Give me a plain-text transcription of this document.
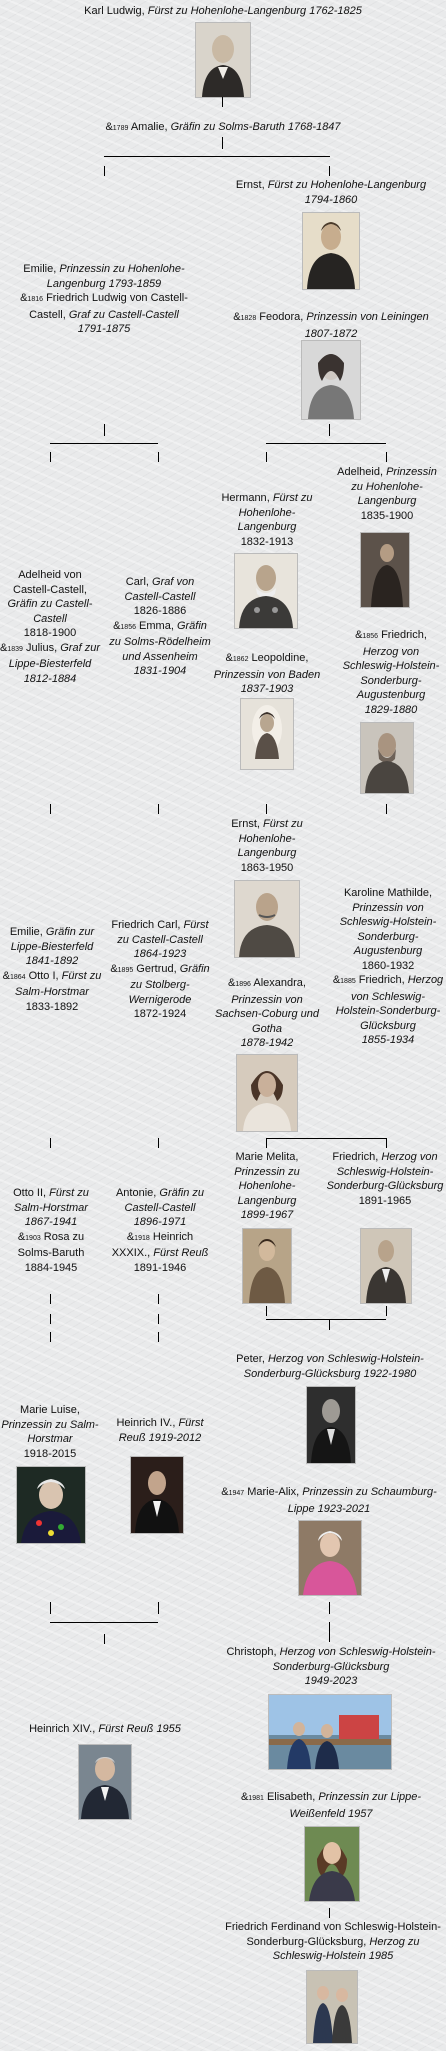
Karl Ludwig, Fürst zu Hohenlohe-Langenburg 1762-1825
&1789 Amalie, Gräfin zu Solms-Baruth 1768-1847
Ernst, Fürst zu Hohenlohe-Langenburg
1794-1860
Emilie, Prinzessin zu Hohenlohe-Langenburg 1793-1859
&1816 Friedrich Ludwig von Castell-Castell, Graf zu Castell-Castell
1791-1875
&1828 Feodora, Prinzessin von Leiningen
1807-1872
Adelheid, Prinzessin zu Hohenlohe-Langenburg
1835-1900
Hermann, Fürst zu Hohenlohe-Langenburg
1832-1913
Adelheid von Castell-Castell, Gräfin zu Castell-Castell
1818-1900
&1839 Julius, Graf zur Lippe-Biesterfeld
1812-1884
Carl, Graf von Castell-Castell
1826-1886
&1856 Emma, Gräfin zu Solms-Rödelheim und Assenheim
1831-1904
&1856 Friedrich, Herzog von Schleswig-Holstein-Sonderburg-Augustenburg
1829-1880
&1862 Leopoldine, Prinzessin von Baden 1837-1903
Ernst, Fürst zu Hohenlohe-Langenburg
1863-1950
Karoline Mathilde, Prinzessin von Schleswig-Holstein-Sonderburg-Augustenburg
1860-1932
&1885 Friedrich, Herzog von Schleswig-Holstein-Sonderburg-Glücksburg
1855-1934
Emilie, Gräfin zur Lippe-Biesterfeld
1841-1892
&1864 Otto I, Fürst zu Salm-Horstmar
1833-1892
Friedrich Carl, Fürst zu Castell-Castell 1864-1923
&1895 Gertrud, Gräfin zu Stolberg-Wernigerode
1872-1924
&1896 Alexandra, Prinzessin von Sachsen-Coburg und Gotha
1878-1942
Otto II, Fürst zu Salm-Horstmar
1867-1941
&1903 Rosa zu Solms-Baruth
1884-1945
Antonie, Gräfin zu Castell-Castell
1896-1971
&1918 Heinrich XXXIX., Fürst Reuß
1891-1946
Marie Melita, Prinzessin zu Hohenlohe-Langenburg
1899-1967
Friedrich, Herzog von Schleswig-Holstein-Sonderburg-Glücksburg
1891-1965
Peter, Herzog von Schleswig-Holstein-Sonderburg-Glücksburg 1922-1980
Marie Luise, Prinzessin zu Salm-Horstmar
1918-2015
Heinrich IV., Fürst Reuß 1919-2012
&1947 Marie-Alix, Prinzessin zu Schaumburg-Lippe 1923-2021
Christoph, Herzog von Schleswig-Holstein-Sonderburg-Glücksburg
1949-2023
Heinrich XIV., Fürst Reuß 1955
&1981 Elisabeth, Prinzessin zur Lippe-Weißenfeld 1957
Friedrich Ferdinand von Schleswig-Holstein-Sonderburg-Glücksburg, Herzog zu Schleswig-Holstein 1985
